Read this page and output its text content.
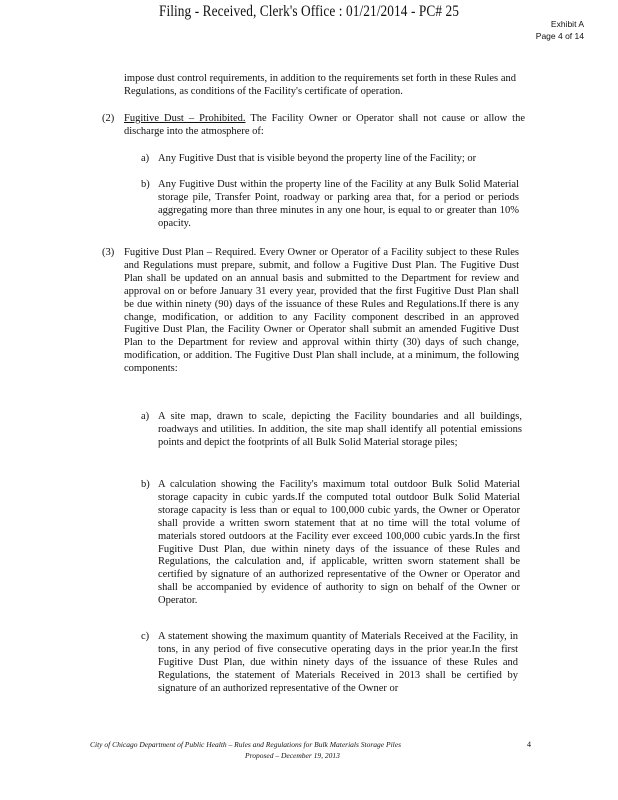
Filing - Received, Clerk's Office : 01/21/2014 - PC# 25
Exhibit A
Page 4 of 14
impose dust control requirements, in addition to the requirements set forth in these Rules and Regulations, as conditions of the Facility's certificate of operation.
(2) Fugitive Dust – Prohibited. The Facility Owner or Operator shall not cause or allow the discharge into the atmosphere of:
a) Any Fugitive Dust that is visible beyond the property line of the Facility; or
b) Any Fugitive Dust within the property line of the Facility at any Bulk Solid Material storage pile, Transfer Point, roadway or parking area that, for a period or periods aggregating more than three minutes in any one hour, is equal to or greater than 10% opacity.
(3) Fugitive Dust Plan – Required. Every Owner or Operator of a Facility subject to these Rules and Regulations must prepare, submit, and follow a Fugitive Dust Plan. The Fugitive Dust Plan shall be updated on an annual basis and submitted to the Department for review and approval on or before January 31 every year, provided that the first Fugitive Dust Plan shall be due within ninety (90) days of the issuance of these Rules and Regulations.If there is any change, modification, or addition to any Facility component described in an approved Fugitive Dust Plan, the Facility Owner or Operator shall submit an amended Fugitive Dust Plan to the Department for review and approval within thirty (30) days of such change, modification, or addition. The Fugitive Dust Plan shall include, at a minimum, the following components:
a) A site map, drawn to scale, depicting the Facility boundaries and all buildings, roadways and utilities. In addition, the site map shall identify all potential emissions points and depict the footprints of all Bulk Solid Material storage piles;
b) A calculation showing the Facility's maximum total outdoor Bulk Solid Material storage capacity in cubic yards.If the computed total outdoor Bulk Solid Material storage capacity is less than or equal to 100,000 cubic yards, the Owner or Operator shall provide a written sworn statement that at no time will the total volume of materials stored outdoors at the Facility ever exceed 100,000 cubic yards.In the first Fugitive Dust Plan, due within ninety days of the issuance of these Rules and Regulations, the calculation and, if applicable, written sworn statement shall be certified by signature of an authorized representative of the Owner or Operator and shall be accompanied by evidence of authority to sign on behalf of the Owner or Operator.
c) A statement showing the maximum quantity of Materials Received at the Facility, in tons, in any period of five consecutive operating days in the prior year.In the first Fugitive Dust Plan, due within ninety days of the issuance of these Rules and Regulations, the statement of Materials Received in 2013 shall be certified by signature of an authorized representative of the Owner or
City of Chicago Department of Public Health – Rules and Regulations for Bulk Materials Storage Piles
Proposed – December 19, 2013
4
